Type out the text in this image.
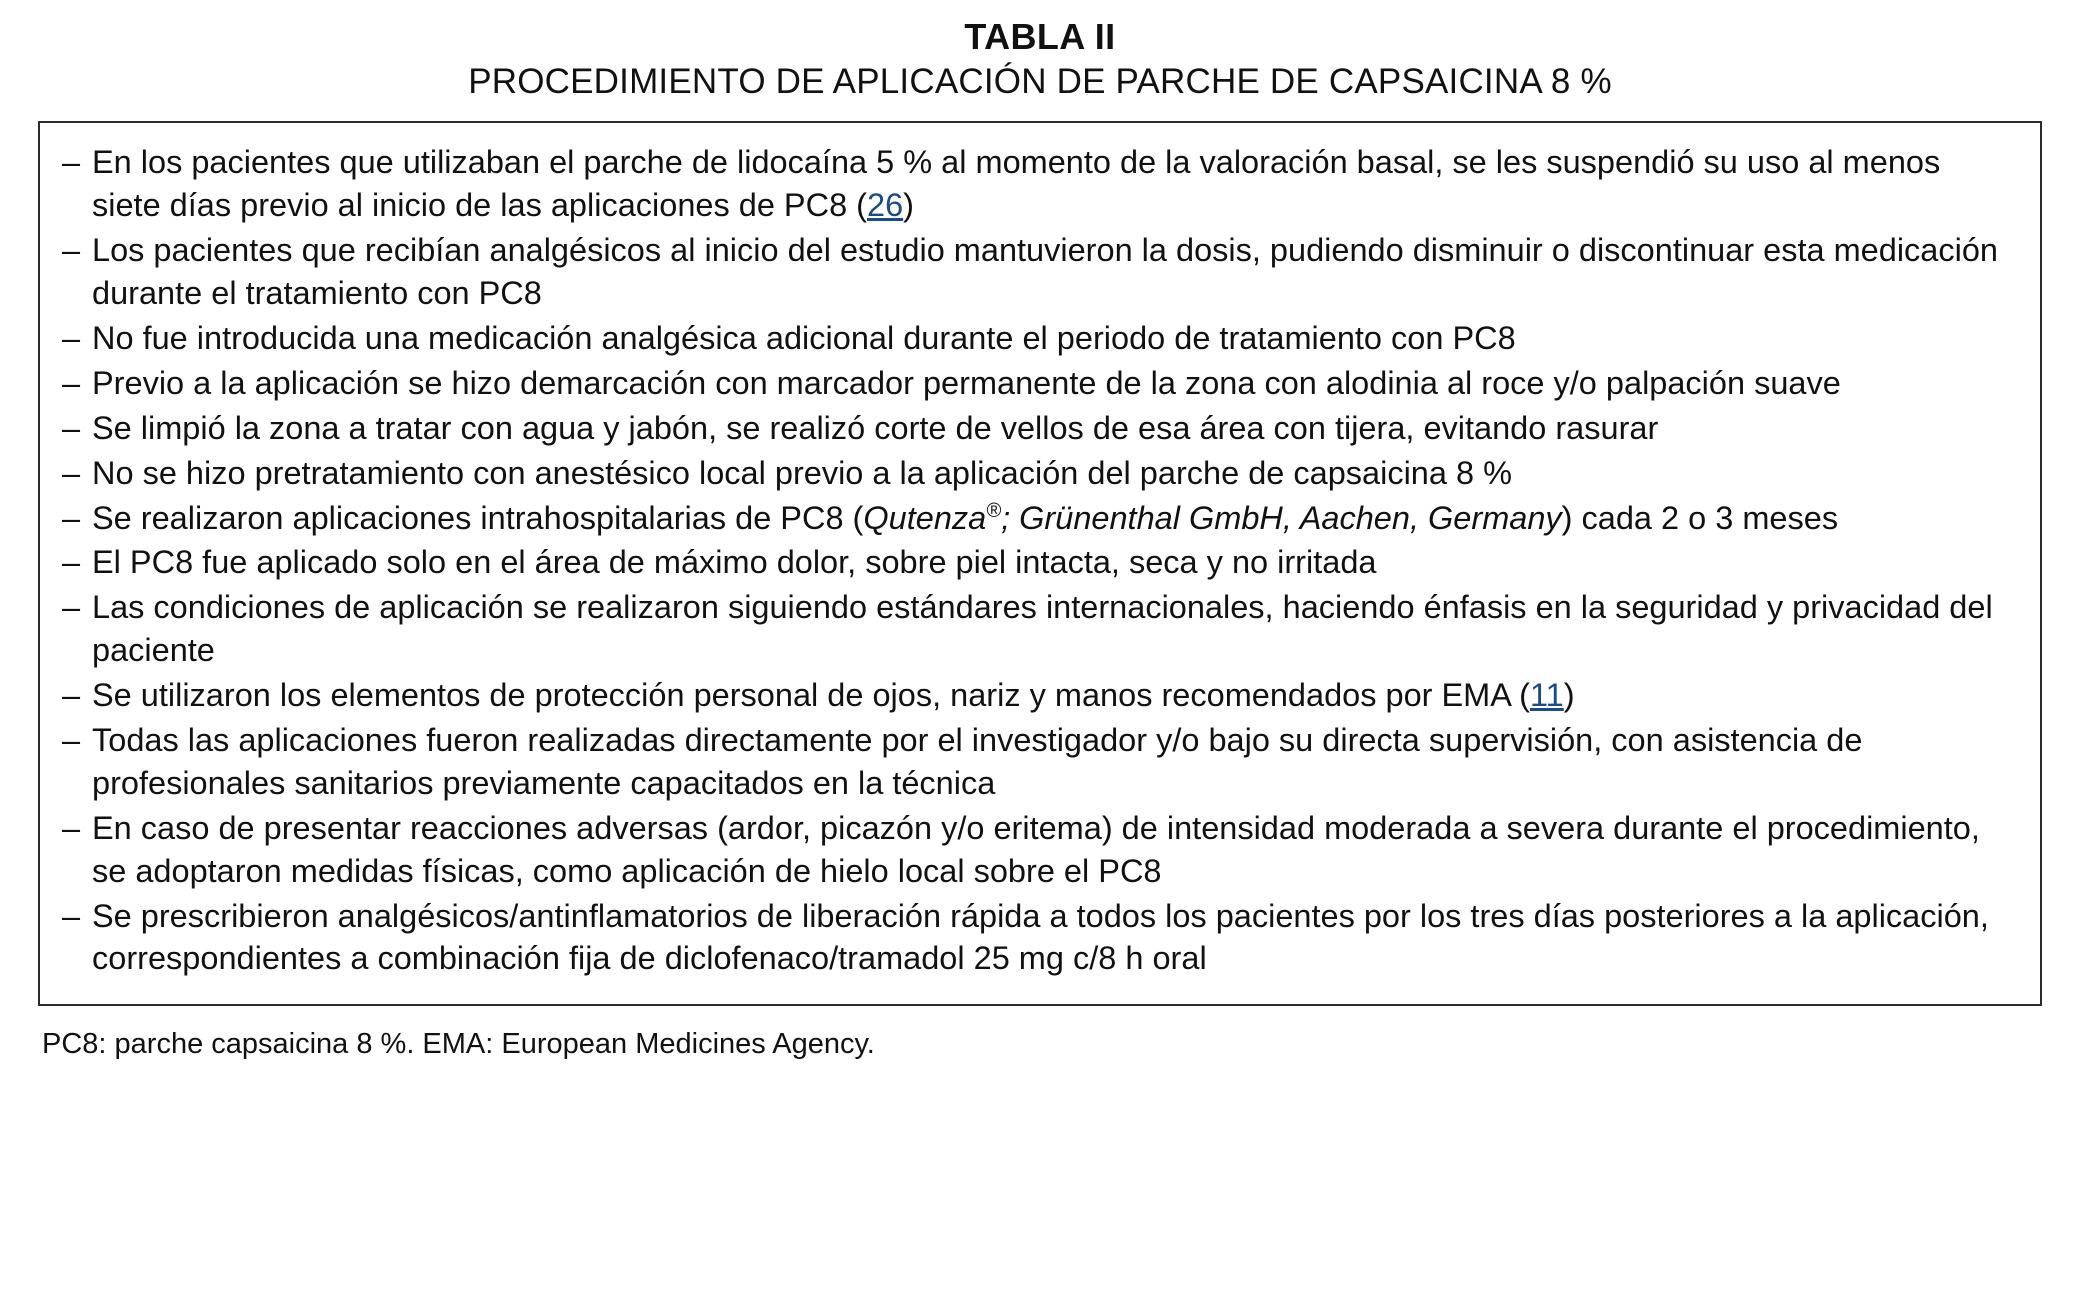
TABLA II
PROCEDIMIENTO DE APLICACIÓN DE PARCHE DE CAPSAICINA 8 %
– En los pacientes que utilizaban el parche de lidocaína 5 % al momento de la valoración basal, se les suspendió su uso al menos siete días previo al inicio de las aplicaciones de PC8 (26)
– Los pacientes que recibían analgésicos al inicio del estudio mantuvieron la dosis, pudiendo disminuir o discontinuar esta medicación durante el tratamiento con PC8
– No fue introducida una medicación analgésica adicional durante el periodo de tratamiento con PC8
– Previo a la aplicación se hizo demarcación con marcador permanente de la zona con alodinia al roce y/o palpación suave
– Se limpió la zona a tratar con agua y jabón, se realizó corte de vellos de esa área con tijera, evitando rasurar
– No se hizo pretratamiento con anestésico local previo a la aplicación del parche de capsaicina 8 %
– Se realizaron aplicaciones intrahospitalarias de PC8 (Qutenza®; Grünenthal GmbH, Aachen, Germany) cada 2 o 3 meses
– El PC8 fue aplicado solo en el área de máximo dolor, sobre piel intacta, seca y no irritada
– Las condiciones de aplicación se realizaron siguiendo estándares internacionales, haciendo énfasis en la seguridad y privacidad del paciente
– Se utilizaron los elementos de protección personal de ojos, nariz y manos recomendados por EMA (11)
– Todas las aplicaciones fueron realizadas directamente por el investigador y/o bajo su directa supervisión, con asistencia de profesionales sanitarios previamente capacitados en la técnica
– En caso de presentar reacciones adversas (ardor, picazón y/o eritema) de intensidad moderada a severa durante el procedimiento, se adoptaron medidas físicas, como aplicación de hielo local sobre el PC8
– Se prescribieron analgésicos/antinflamatorios de liberación rápida a todos los pacientes por los tres días posteriores a la aplicación, correspondientes a combinación fija de diclofenaco/tramadol 25 mg c/8 h oral
PC8: parche capsaicina 8 %. EMA: European Medicines Agency.
